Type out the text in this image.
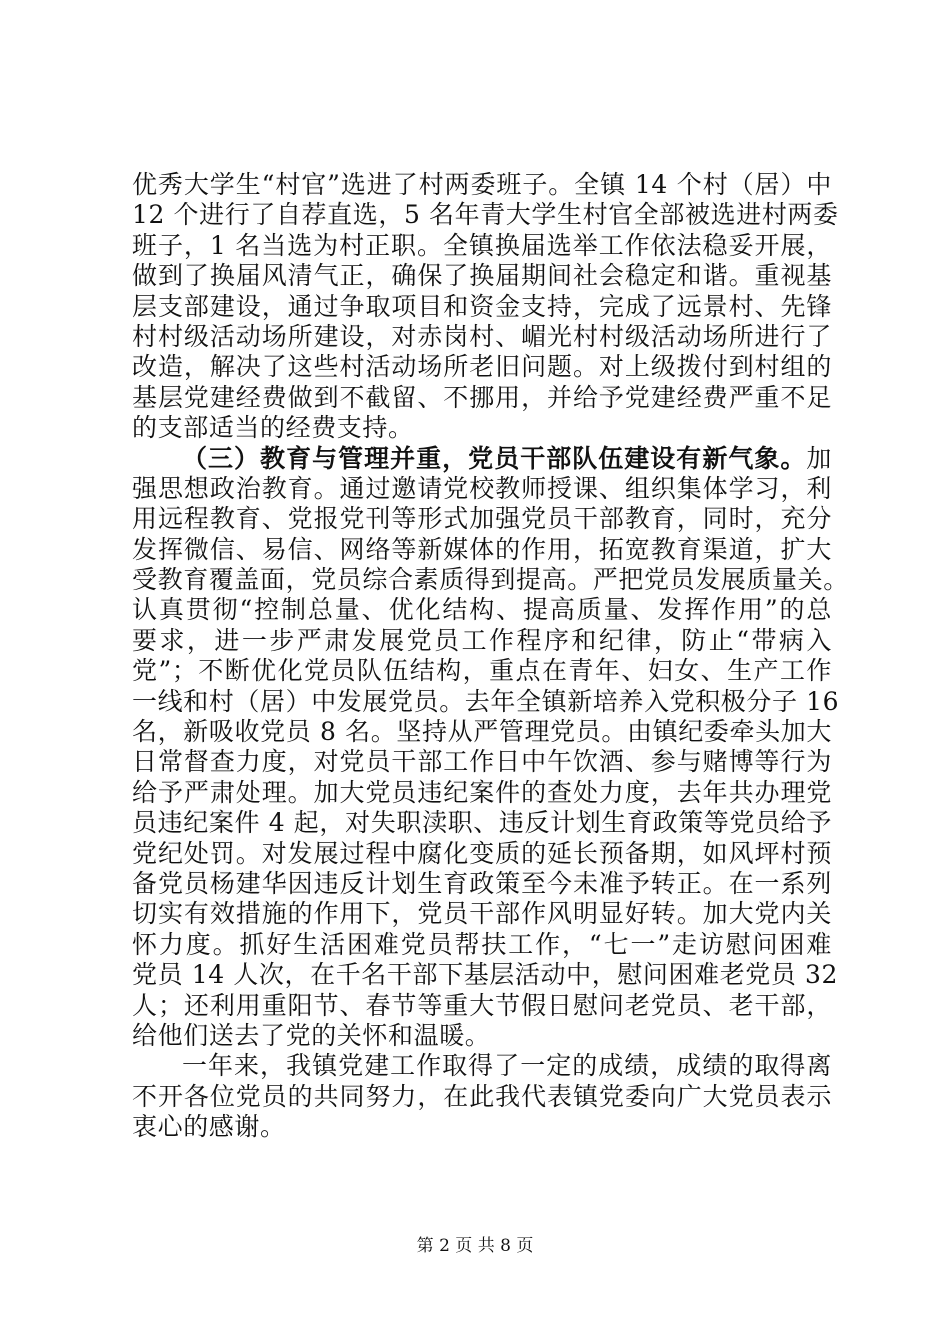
优秀大学生“村官”选进了村两委班子。全镇 14 个村（居）中
12 个进行了自荐直选，5 名年青大学生村官全部被选进村两委
班子，1 名当选为村正职。全镇换届选举工作依法稳妥开展，
做到了换届风清气正，确保了换届期间社会稳定和谐。重视基
层支部建设，通过争取项目和资金支持，完成了远景村、先锋
村村级活动场所建设，对赤岗村、嵋光村村级活动场所进行了
改造，解决了这些村活动场所老旧问题。对上级拨付到村组的
基层党建经费做到不截留、不挪用，并给予党建经费严重不足
的支部适当的经费支持。
（三）教育与管理并重，党员干部队伍建设有新气象。加
强思想政治教育。通过邀请党校教师授课、组织集体学习，利
用远程教育、党报党刊等形式加强党员干部教育，同时，充分
发挥微信、易信、网络等新媒体的作用，拓宽教育渠道，扩大
受教育覆盖面，党员综合素质得到提高。严把党员发展质量关。
认真贯彻“控制总量、优化结构、提高质量、发挥作用”的总
要求，进一步严肃发展党员工作程序和纪律，防止“带病入
党”；不断优化党员队伍结构，重点在青年、妇女、生产工作
一线和村（居）中发展党员。去年全镇新培养入党积极分子 16
名，新吸收党员 8 名。坚持从严管理党员。由镇纪委牵头加大
日常督查力度，对党员干部工作日中午饮酒、参与赌博等行为
给予严肃处理。加大党员违纪案件的查处力度，去年共办理党
员违纪案件 4 起，对失职渎职、违反计划生育政策等党员给予
党纪处罚。对发展过程中腐化变质的延长预备期，如风坪村预
备党员杨建华因违反计划生育政策至今未准予转正。在一系列
切实有效措施的作用下，党员干部作风明显好转。加大党内关
怀力度。抓好生活困难党员帮扶工作，“七一”走访慰问困难
党员 14 人次，在千名干部下基层活动中，慰问困难老党员 32
人；还利用重阳节、春节等重大节假日慰问老党员、老干部，
给他们送去了党的关怀和温暖。
一年来，我镇党建工作取得了一定的成绩，成绩的取得离
不开各位党员的共同努力，在此我代表镇党委向广大党员表示
衷心的感谢。
第 2 页 共 8 页
